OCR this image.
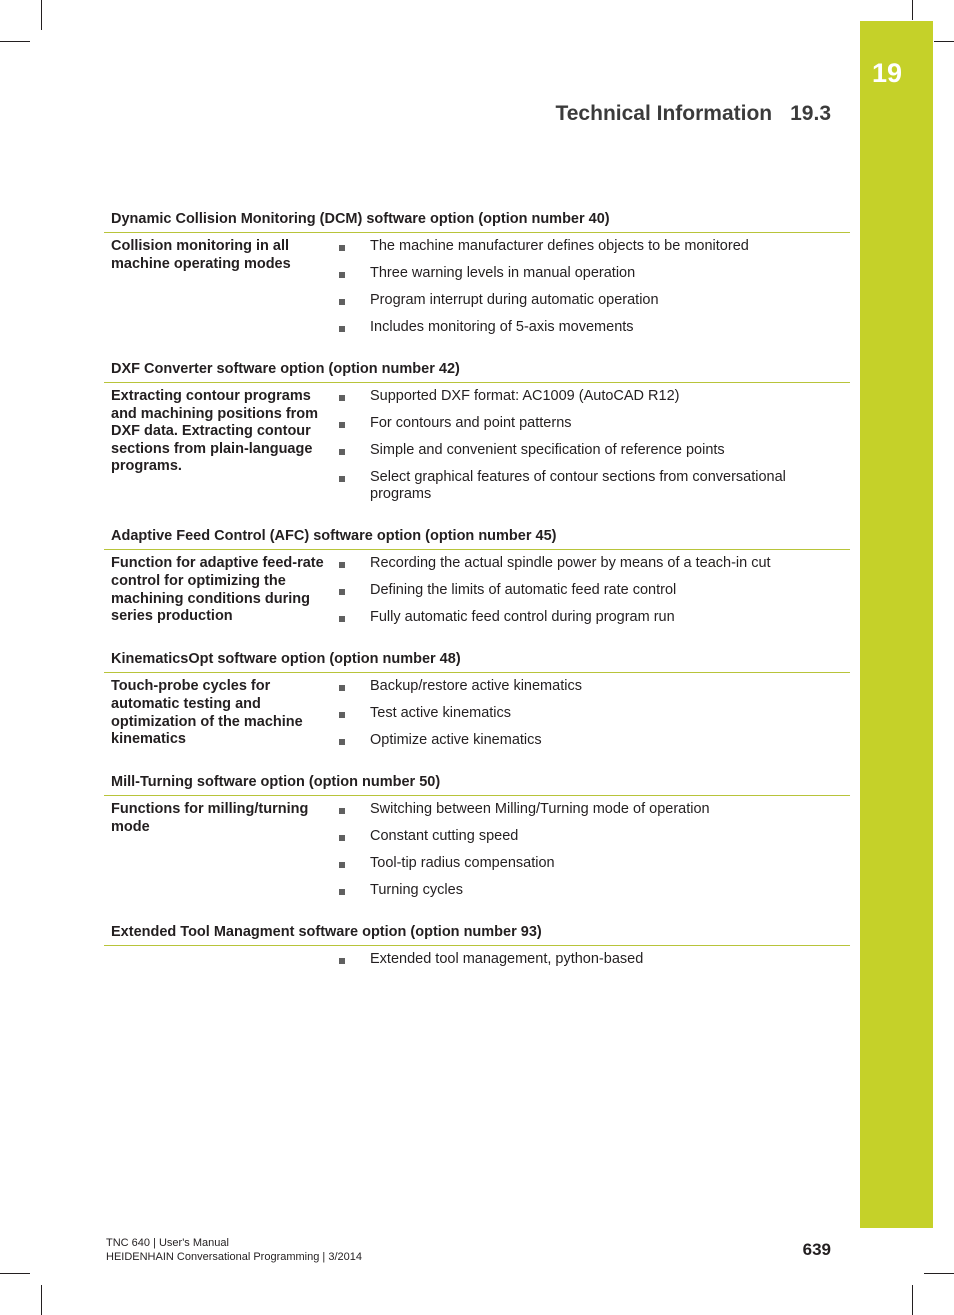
19
Technical Information 19.3
Dynamic Collision Monitoring (DCM) software option (option number 40)
Collision monitoring in all machine operating modes
The machine manufacturer defines objects to be monitored
Three warning levels in manual operation
Program interrupt during automatic operation
Includes monitoring of 5-axis movements
DXF Converter software option (option number 42)
Extracting contour programs and machining positions from DXF data. Extracting contour sections from plain-language programs.
Supported DXF format: AC1009 (AutoCAD R12)
For contours and point patterns
Simple and convenient specification of reference points
Select graphical features of contour sections from conversational programs
Adaptive Feed Control (AFC) software option (option number 45)
Function for adaptive feed-rate control for optimizing the machining conditions during series production
Recording the actual spindle power by means of a teach-in cut
Defining the limits of automatic feed rate control
Fully automatic feed control during program run
KinematicsOpt software option (option number 48)
Touch-probe cycles for automatic testing and optimization of the machine kinematics
Backup/restore active kinematics
Test active kinematics
Optimize active kinematics
Mill-Turning software option (option number 50)
Functions for milling/turning mode
Switching between Milling/Turning mode of operation
Constant cutting speed
Tool-tip radius compensation
Turning cycles
Extended Tool Managment software option (option number 93)
Extended tool management, python-based
TNC 640 | User's Manual
HEIDENHAIN Conversational Programming | 3/2014	639
